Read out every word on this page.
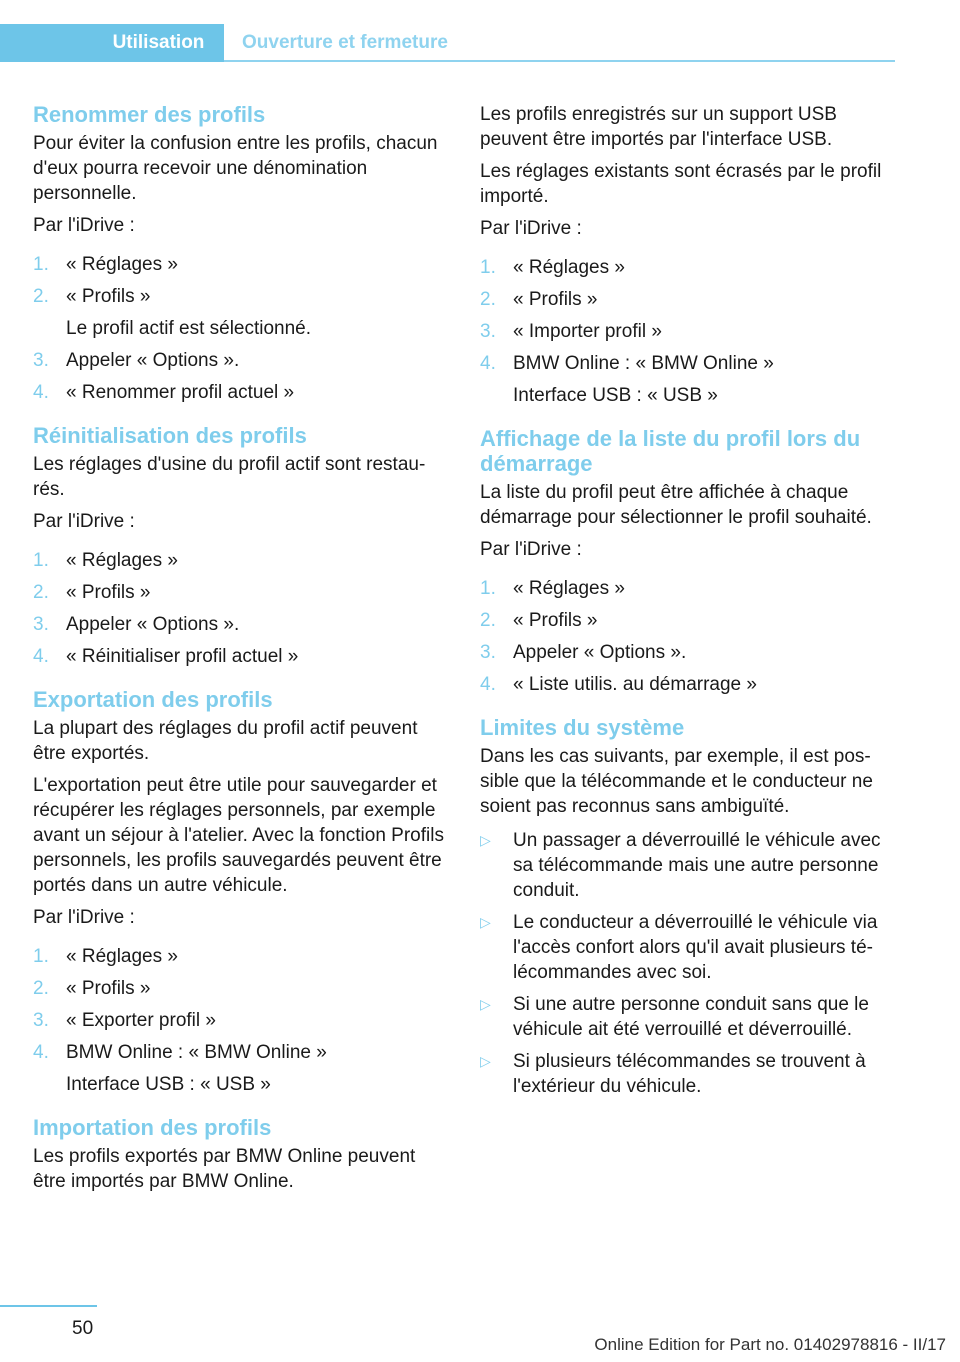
Utilisation	Ouverture et fermeture
Renommer des profils

Pour éviter la confusion entre les profils, chacun d'eux pourra recevoir une dénomination personnelle.

Par l'iDrive :

1. « Réglages »
2. « Profils »
Le profil actif est sélectionné.
3. Appeler « Options ».
4. « Renommer profil actuel »
Réinitialisation des profils

Les réglages d'usine du profil actif sont restaurés.

Par l'iDrive :

1. « Réglages »
2. « Profils »
3. Appeler « Options ».
4. « Réinitialiser profil actuel »
Exportation des profils

La plupart des réglages du profil actif peuvent être exportés.

L'exportation peut être utile pour sauvegarder et récupérer les réglages personnels, par exemple avant un séjour à l'atelier. Avec la fonction Profils personnels, les profils sauvegardés peuvent être portés dans un autre véhicule.

Par l'iDrive :

1. « Réglages »
2. « Profils »
3. « Exporter profil »
4. BMW Online : « BMW Online »
Interface USB : « USB »
Importation des profils

Les profils exportés par BMW Online peuvent être importés par BMW Online.

Les profils enregistrés sur un support USB peuvent être importés par l'interface USB.

Les réglages existants sont écrasés par le profil importé.

Par l'iDrive :

1. « Réglages »
2. « Profils »
3. « Importer profil »
4. BMW Online : « BMW Online »
Interface USB : « USB »
Affichage de la liste du profil lors du démarrage

La liste du profil peut être affichée à chaque démarrage pour sélectionner le profil souhaité.

Par l'iDrive :

1. « Réglages »
2. « Profils »
3. Appeler « Options ».
4. « Liste utilis. au démarrage »
Limites du système

Dans les cas suivants, par exemple, il est possible que la télécommande et le conducteur ne soient pas reconnus sans ambiguïté.

▷ Un passager a déverrouillé le véhicule avec sa télécommande mais une autre personne conduit.
▷ Le conducteur a déverrouillé le véhicule via l'accès confort alors qu'il avait plusieurs télécommandes avec soi.
▷ Si une autre personne conduit sans que le véhicule ait été verrouillé et déverrouillé.
▷ Si plusieurs télécommandes se trouvent à l'extérieur du véhicule.
50
Online Edition for Part no. 01402978816 - II/17
